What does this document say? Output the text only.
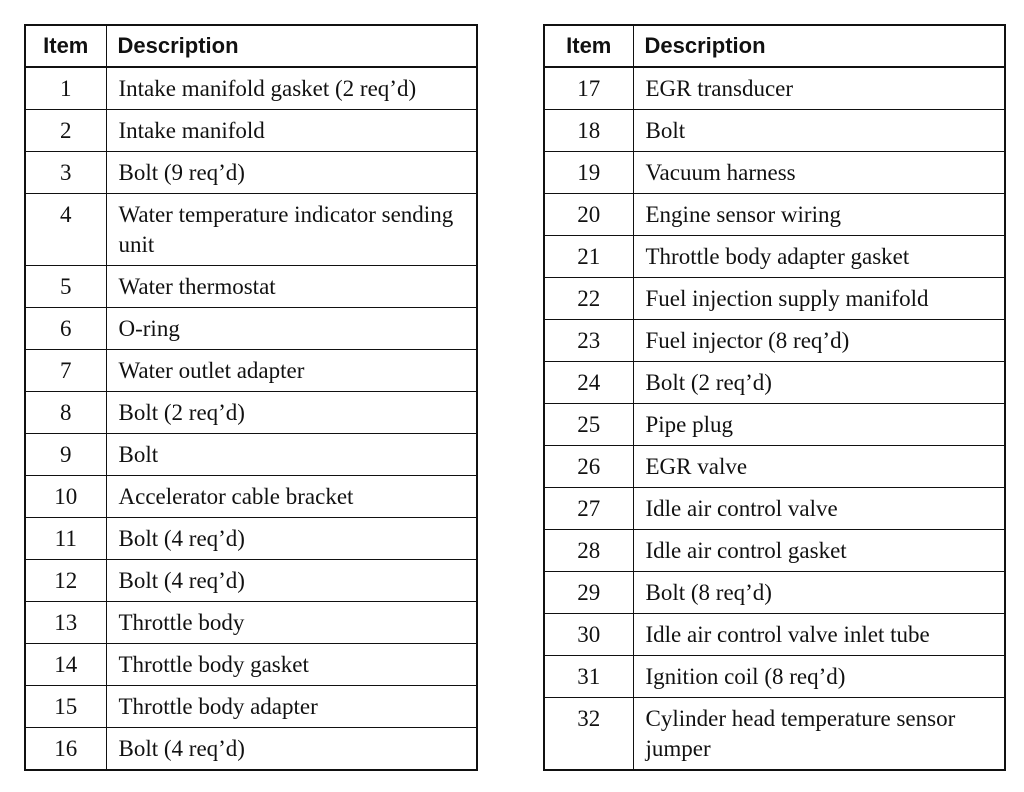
Item	Description
1	Intake manifold gasket (2 req’d)
2	Intake manifold
3	Bolt (9 req’d)
4	Water temperature indicator sending unit
5	Water thermostat
6	O-ring
7	Water outlet adapter
8	Bolt (2 req’d)
9	Bolt
10	Accelerator cable bracket
11	Bolt (4 req’d)
12	Bolt (4 req’d)
13	Throttle body
14	Throttle body gasket
15	Throttle body adapter
16	Bolt (4 req’d)
Item	Description
17	EGR transducer
18	Bolt
19	Vacuum harness
20	Engine sensor wiring
21	Throttle body adapter gasket
22	Fuel injection supply manifold
23	Fuel injector (8 req’d)
24	Bolt (2 req’d)
25	Pipe plug
26	EGR valve
27	Idle air control valve
28	Idle air control gasket
29	Bolt (8 req’d)
30	Idle air control valve inlet tube
31	Ignition coil (8 req’d)
32	Cylinder head temperature sensor jumper
